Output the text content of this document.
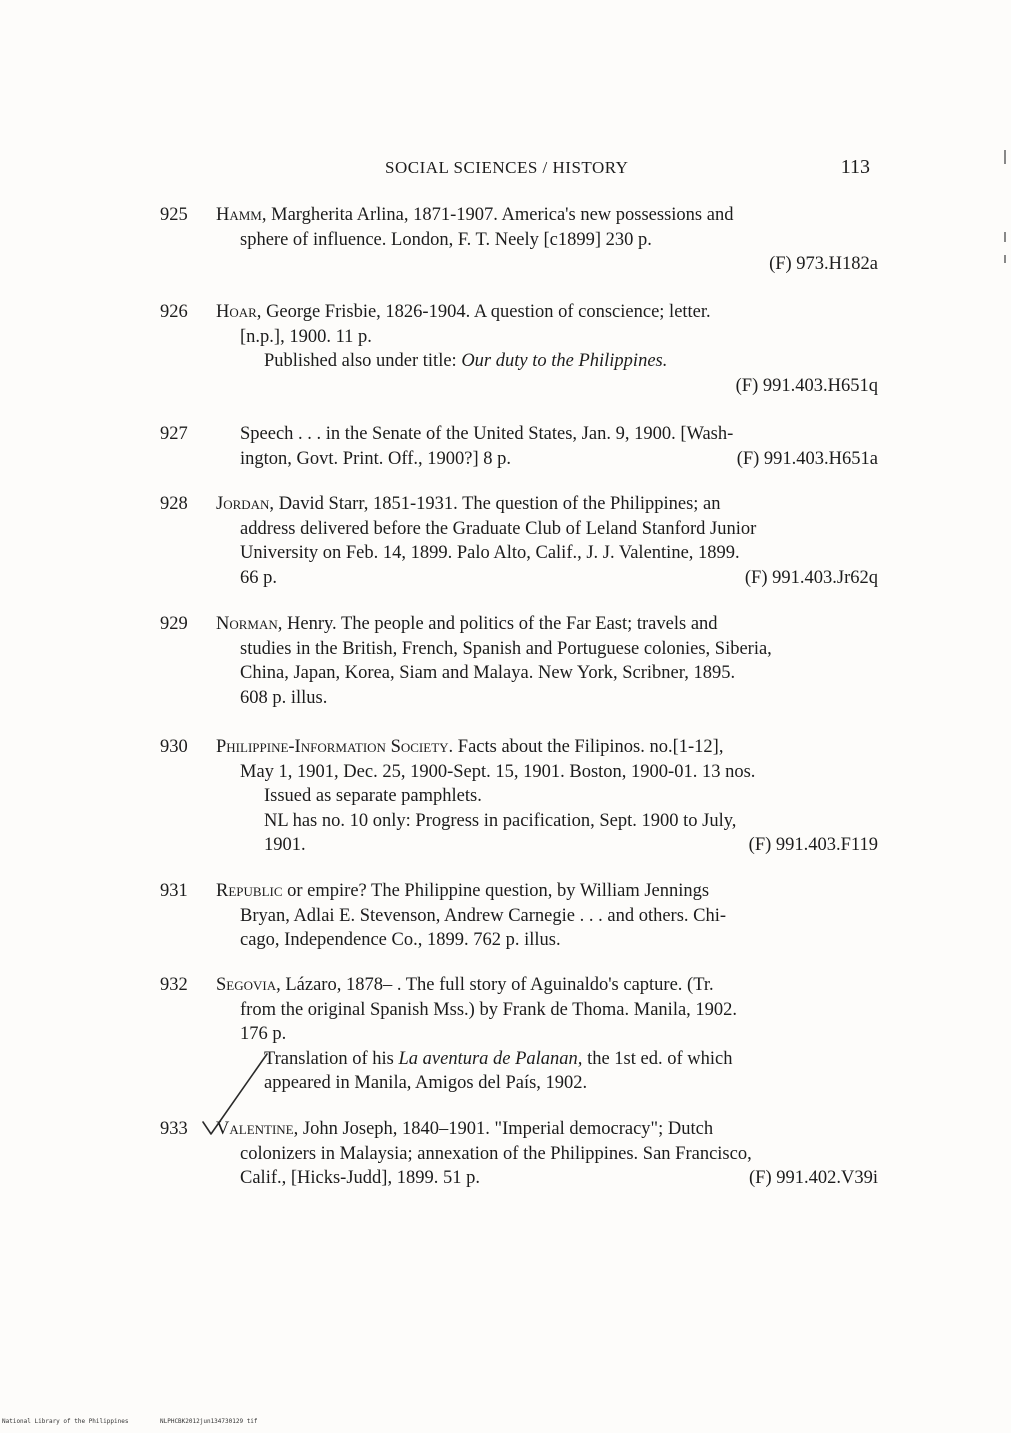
SOCIAL SCIENCES / HISTORY	113
925	Hamm, Margherita Arlina, 1871-1907. America's new possessions and
sphere of influence. London, F. T. Neely [c1899] 230 p.
(F) 973.H182a
926	Hoar, George Frisbie, 1826-1904. A question of conscience; letter.
[n.p.], 1900. 11 p.
Published also under title: Our duty to the Philippines.
(F) 991.403.H651q
927	Speech . . . in the Senate of the United States, Jan. 9, 1900. [Wash-
ington, Govt. Print. Off., 1900?] 8 p.	(F) 991.403.H651a
928	Jordan, David Starr, 1851-1931. The question of the Philippines; an
address delivered before the Graduate Club of Leland Stanford Junior
University on Feb. 14, 1899. Palo Alto, Calif., J. J. Valentine, 1899.
66 p.	(F) 991.403.Jr62q
929	Norman, Henry. The people and politics of the Far East; travels and
studies in the British, French, Spanish and Portuguese colonies, Siberia,
China, Japan, Korea, Siam and Malaya. New York, Scribner, 1895.
608 p. illus.
930	Philippine-Information Society. Facts about the Filipinos. no.[1-12],
May 1, 1901, Dec. 25, 1900-Sept. 15, 1901. Boston, 1900-01. 13 nos.
Issued as separate pamphlets.
NL has no. 10 only: Progress in pacification, Sept. 1900 to July,
1901.	(F) 991.403.F119
931	Republic or empire? The Philippine question, by William Jennings
Bryan, Adlai E. Stevenson, Andrew Carnegie . . . and others. Chi-
cago, Independence Co., 1899. 762 p. illus.
932	Segovia, Lázaro, 1878– . The full story of Aguinaldo's capture. (Tr.
from the original Spanish Mss.) by Frank de Thoma. Manila, 1902.
176 p.
Translation of his La aventura de Palanan, the 1st ed. of which
appeared in Manila, Amigos del País, 1902.
933	Valentine, John Joseph, 1840–1901. "Imperial democracy"; Dutch
colonizers in Malaysia; annexation of the Philippines. San Francisco,
Calif., [Hicks-Judd], 1899. 51 p.	(F) 991.402.V39i
National Library of the Philippines	NLPHCBK2012jun134730129 tif
